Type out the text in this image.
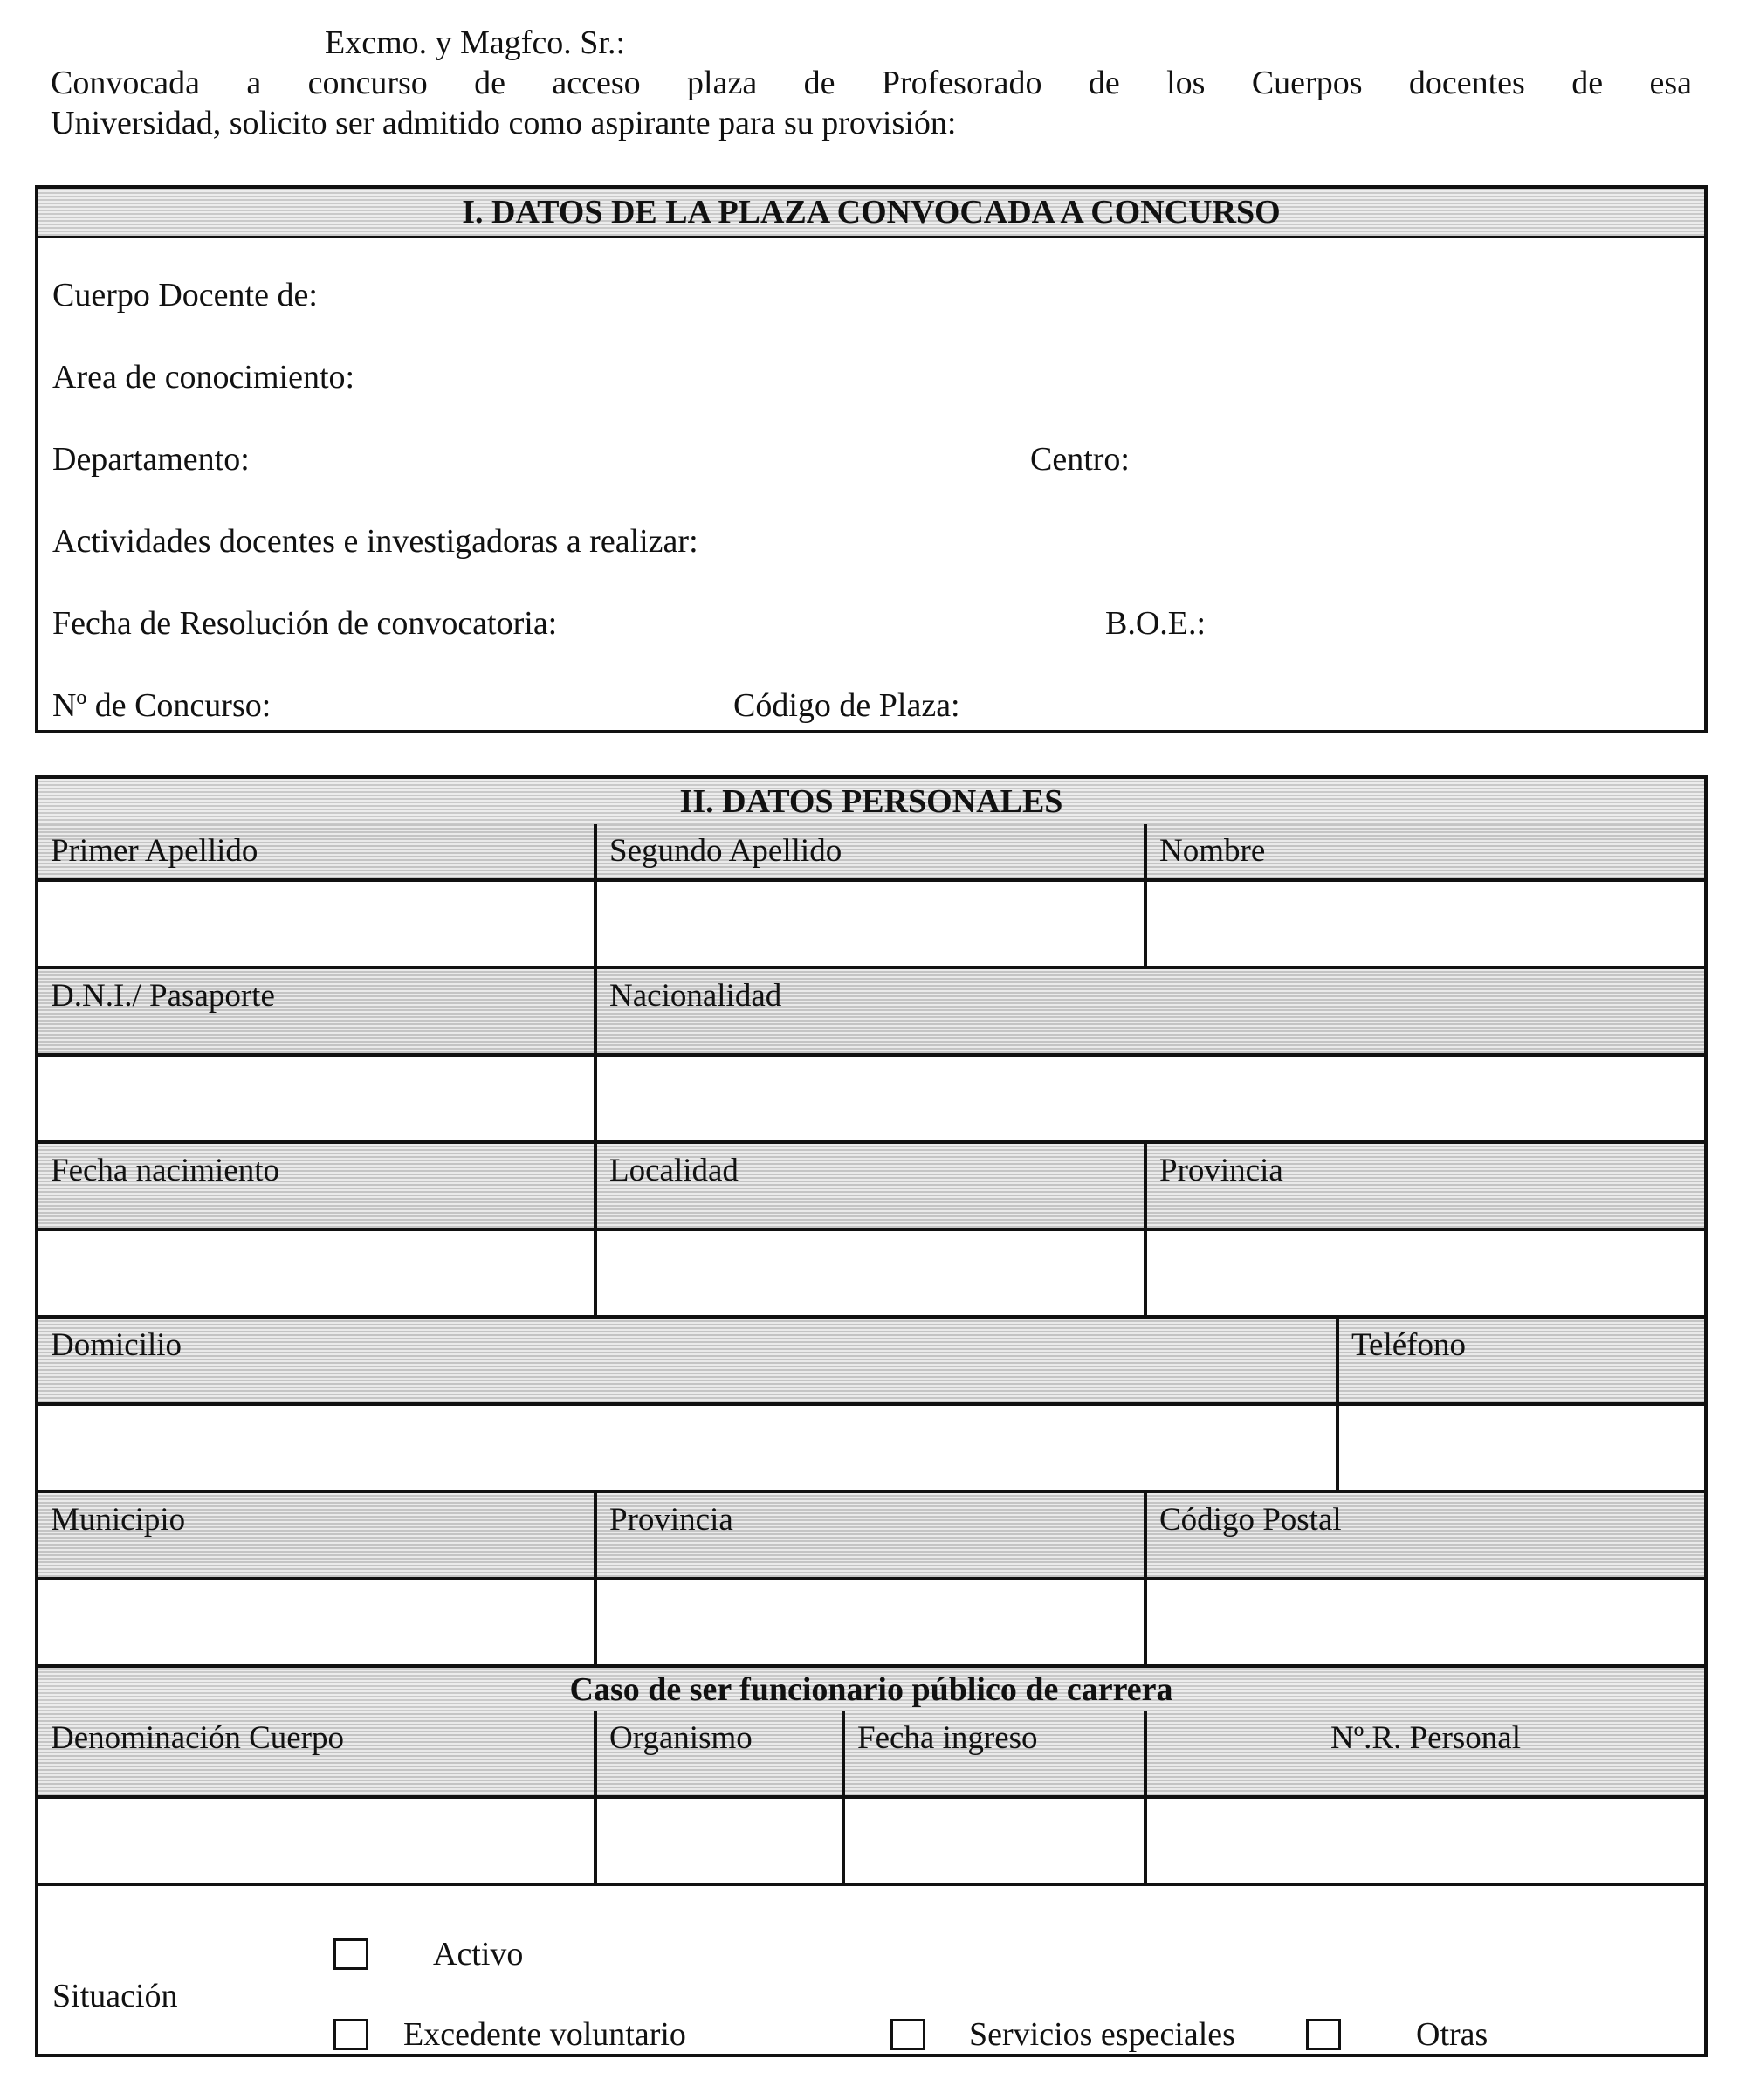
Excmo. y Magfco. Sr.:
Convocada a concurso de acceso plaza de Profesorado de los Cuerpos docentes de esa
Universidad, solicito ser admitido como aspirante para su provisión:
I. DATOS DE LA PLAZA CONVOCADA A CONCURSO
Cuerpo Docente de:
Area de conocimiento:
Departamento:	Centro:
Actividades docentes e investigadoras a realizar:
Fecha de Resolución de convocatoria:	B.O.E.:
Nº de Concurso:	Código de Plaza:
II. DATOS PERSONALES
Primer Apellido	Segundo Apellido	Nombre
D.N.I./ Pasaporte	Nacionalidad
Fecha nacimiento	Localidad	Provincia
Domicilio	Teléfono
Municipio	Provincia	Código Postal
Caso de ser funcionario público de carrera
Denominación Cuerpo	Organismo	Fecha ingreso	Nº.R. Personal
Situación
Activo
Excedente voluntario	Servicios especiales	Otras
